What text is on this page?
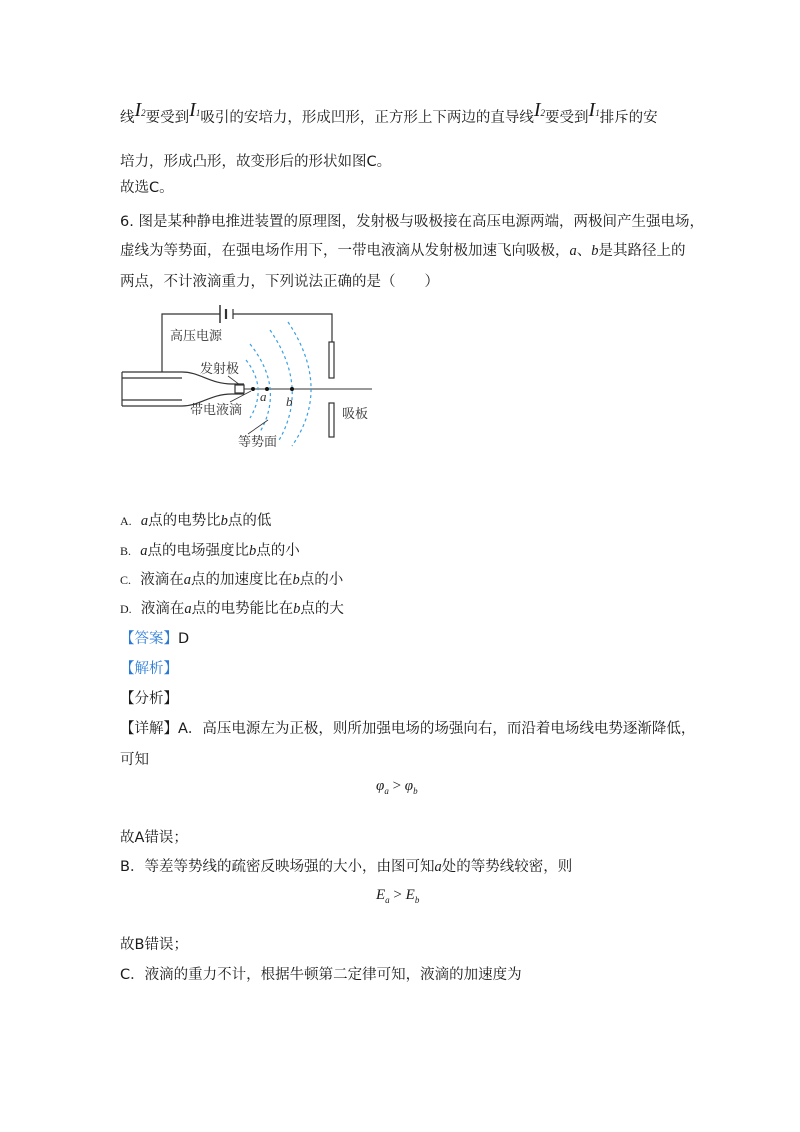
线I2要受到I1吸引的安培力，形成凹形，正方形上下两边的直导线I2要受到I1排斥的安
培力，形成凸形，故变形后的形状如图C。
故选C。
6. 图是某种静电推进装置的原理图，发射极与吸极接在高压电源两端，两极间产生强电场，
虚线为等势面，在强电场作用下，一带电液滴从发射极加速飞向吸极，a、b是其路径上的
两点，不计液滴重力，下列说法正确的是（　　）
高压电源
发射极
带电液滴
等势面
吸板
a b
A. a点的电势比b点的低
B. a点的电场强度比b点的小
C. 液滴在a点的加速度比在b点的小
D. 液滴在a点的电势能比在b点的大
【答案】D
【解析】
【分析】
【详解】A．高压电源左为正极，则所加强电场的场强向右，而沿着电场线电势逐渐降低，
可知
$\varphi_a > \varphi_b$
故A错误；
B．等差等势线的疏密反映场强的大小，由图可知a处的等势线较密，则
$E_a > E_b$
故B错误；
C．液滴的重力不计，根据牛顿第二定律可知，液滴的加速度为
